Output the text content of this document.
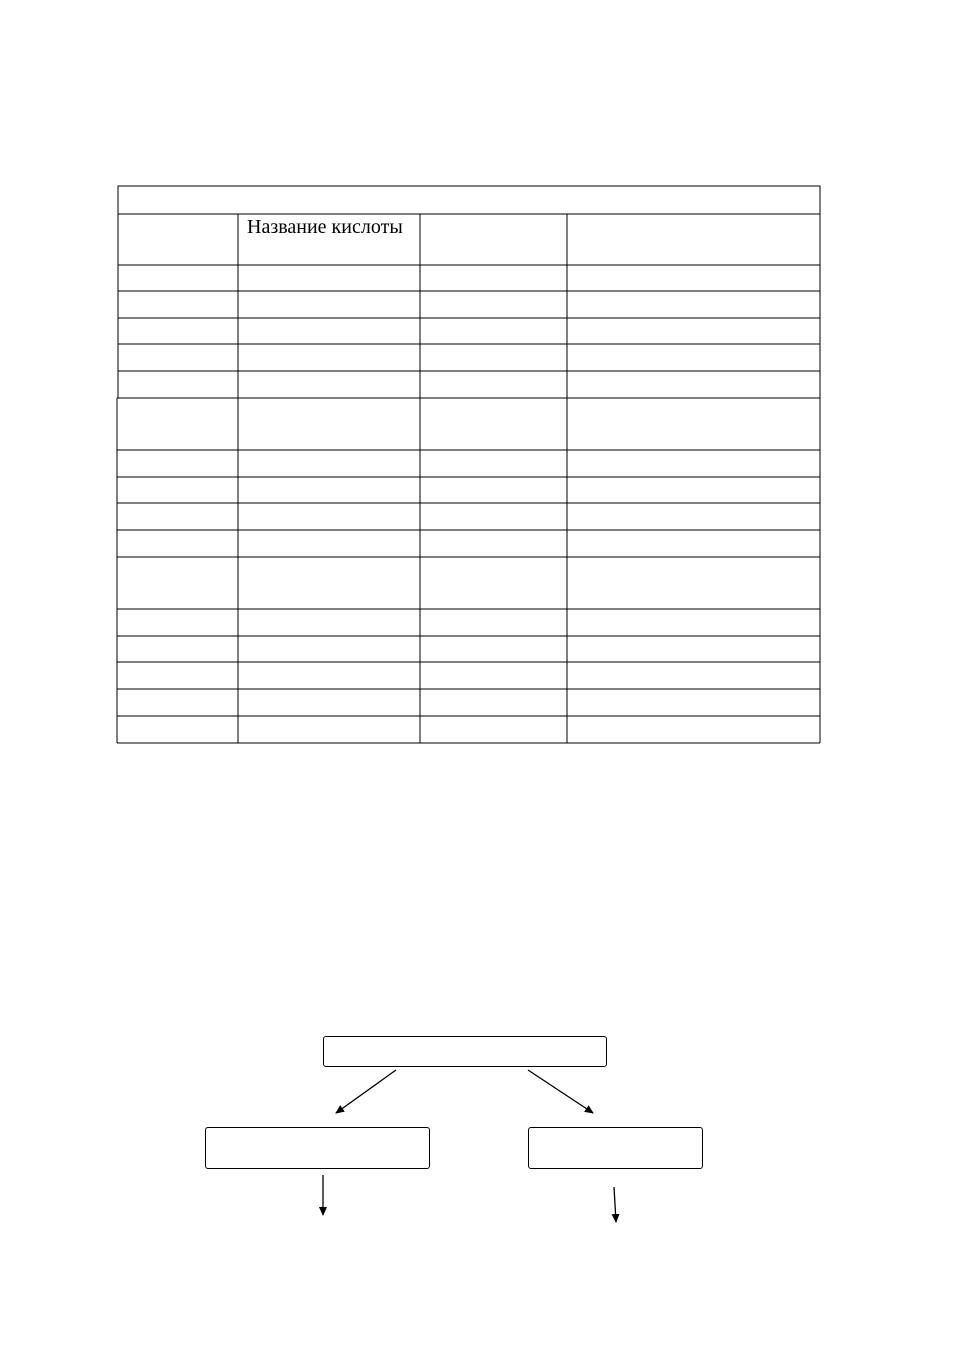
Название кислоты
